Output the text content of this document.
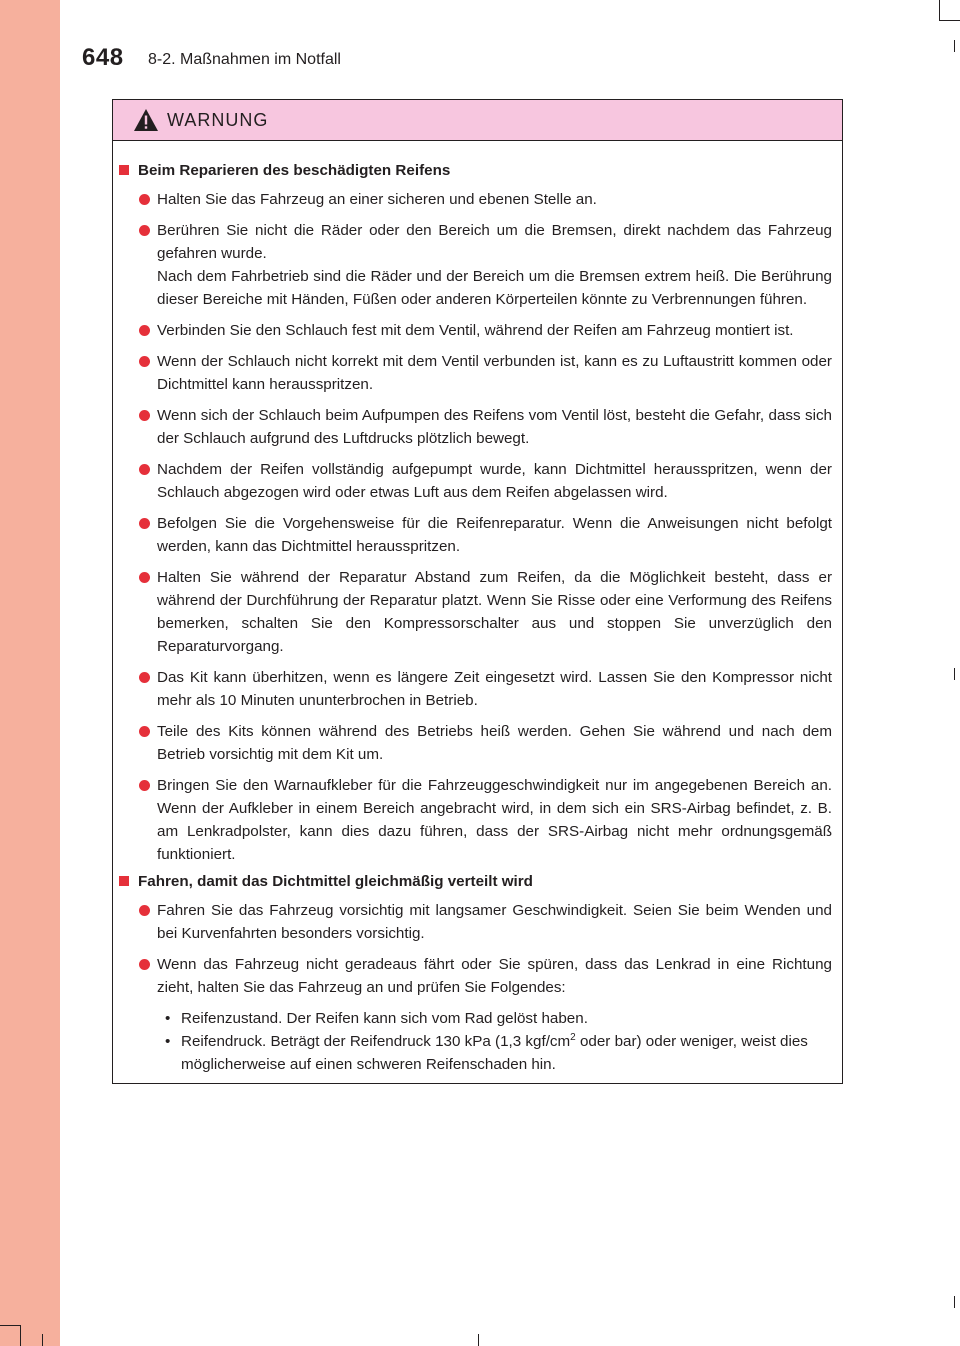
648 8-2. Maßnahmen im Notfall
WARNUNG
Beim Reparieren des beschädigten Reifens
Halten Sie das Fahrzeug an einer sicheren und ebenen Stelle an.
Berühren Sie nicht die Räder oder den Bereich um die Bremsen, direkt nachdem das Fahrzeug gefahren wurde.
Nach dem Fahrbetrieb sind die Räder und der Bereich um die Bremsen extrem heiß. Die Berührung dieser Bereiche mit Händen, Füßen oder anderen Körperteilen könnte zu Verbrennungen führen.
Verbinden Sie den Schlauch fest mit dem Ventil, während der Reifen am Fahrzeug montiert ist.
Wenn der Schlauch nicht korrekt mit dem Ventil verbunden ist, kann es zu Luftaustritt kommen oder Dichtmittel kann herausspritzen.
Wenn sich der Schlauch beim Aufpumpen des Reifens vom Ventil löst, besteht die Gefahr, dass sich der Schlauch aufgrund des Luftdrucks plötzlich bewegt.
Nachdem der Reifen vollständig aufgepumpt wurde, kann Dichtmittel herausspritzen, wenn der Schlauch abgezogen wird oder etwas Luft aus dem Reifen abgelassen wird.
Befolgen Sie die Vorgehensweise für die Reifenreparatur. Wenn die Anweisungen nicht befolgt werden, kann das Dichtmittel herausspritzen.
Halten Sie während der Reparatur Abstand zum Reifen, da die Möglichkeit besteht, dass er während der Durchführung der Reparatur platzt. Wenn Sie Risse oder eine Verformung des Reifens bemerken, schalten Sie den Kompressorschalter aus und stoppen Sie unverzüglich den Reparaturvorgang.
Das Kit kann überhitzen, wenn es längere Zeit eingesetzt wird. Lassen Sie den Kompressor nicht mehr als 10 Minuten ununterbrochen in Betrieb.
Teile des Kits können während des Betriebs heiß werden. Gehen Sie während und nach dem Betrieb vorsichtig mit dem Kit um.
Bringen Sie den Warnaufkleber für die Fahrzeuggeschwindigkeit nur im angegebenen Bereich an. Wenn der Aufkleber in einem Bereich angebracht wird, in dem sich ein SRS-Airbag befindet, z. B. am Lenkradpolster, kann dies dazu führen, dass der SRS-Airbag nicht mehr ordnungsgemäß funktioniert.
Fahren, damit das Dichtmittel gleichmäßig verteilt wird
Fahren Sie das Fahrzeug vorsichtig mit langsamer Geschwindigkeit. Seien Sie beim Wenden und bei Kurvenfahrten besonders vorsichtig.
Wenn das Fahrzeug nicht geradeaus fährt oder Sie spüren, dass das Lenkrad in eine Richtung zieht, halten Sie das Fahrzeug an und prüfen Sie Folgendes:
• Reifenzustand. Der Reifen kann sich vom Rad gelöst haben.
• Reifendruck. Beträgt der Reifendruck 130 kPa (1,3 kgf/$cm^2$ oder bar) oder weniger, weist dies möglicherweise auf einen schweren Reifenschaden hin.
